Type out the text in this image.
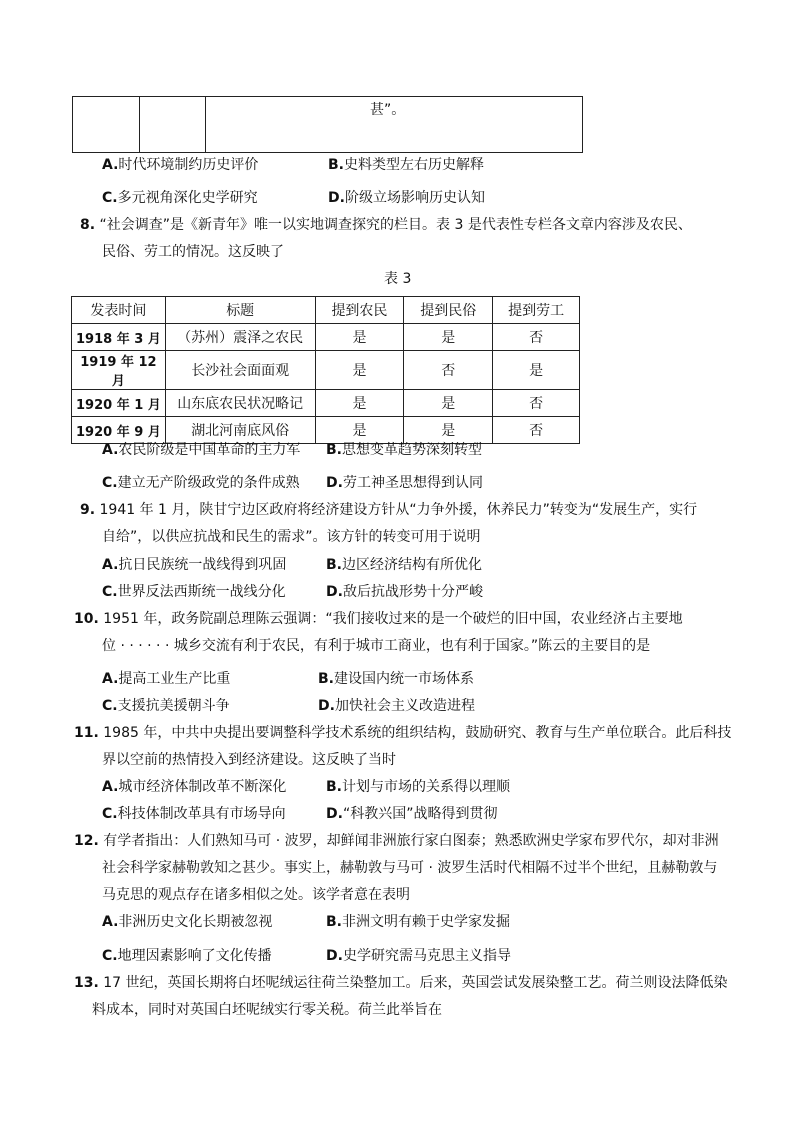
甚”。
A.时代环境制约历史评价	B.史料类型左右历史解释
C.多元视角深化史学研究	D.阶级立场影响历史认知
8. “社会调查”是《新青年》唯一以实地调查探究的栏目。表 3 是代表性专栏各文章内容涉及农民、
民俗、劳工的情况。这反映了
表 3
发表时间	标题	提到农民	提到民俗	提到劳工
1918 年 3 月	（苏州）震泽之农民	是	是	否
1919 年 12 月	长沙社会面面观	是	否	是
1920 年 1 月	山东底农民状况略记	是	是	否
1920 年 9 月	湖北河南底风俗	是	是	否
A.农民阶级是中国革命的主力军 B.思想变革趋势深刻转型
C.建立无产阶级政党的条件成熟 D.劳工神圣思想得到认同
9. 1941 年 1 月，陕甘宁边区政府将经济建设方针从“力争外援，休养民力”转变为“发展生产，实行
自给”，以供应抗战和民生的需求”。该方针的转变可用于说明
A.抗日民族统一战线得到巩固	B.边区经济结构有所优化
C.世界反法西斯统一战线分化	D.敌后抗战形势十分严峻
10. 1951 年，政务院副总理陈云强调：“我们接收过来的是一个破烂的旧中国，农业经济占主要地
位 · · · · · · 城乡交流有利于农民，有利于城市工商业，也有利于国家。”陈云的主要目的是
A.提高工业生产比重	B.建设国内统一市场体系
C.支援抗美援朝斗争	D.加快社会主义改造进程
11. 1985 年，中共中央提出要调整科学技术系统的组织结构，鼓励研究、教育与生产单位联合。此后科技
界以空前的热情投入到经济建设。这反映了当时
A.城市经济体制改革不断深化	B.计划与市场的关系得以理顺
C.科技体制改革具有市场导向	D.“科教兴国”战略得到贯彻
12. 有学者指出：人们熟知马可 · 波罗，却鲜闻非洲旅行家白图泰；熟悉欧洲史学家布罗代尔，却对非洲
社会科学家赫勒敦知之甚少。事实上，赫勒敦与马可 · 波罗生活时代相隔不过半个世纪，且赫勒敦与
马克思的观点存在诸多相似之处。该学者意在表明
A.非洲历史文化长期被忽视	B.非洲文明有赖于史学家发掘
C.地理因素影响了文化传播	D.史学研究需马克思主义指导
13. 17 世纪，英国长期将白坯呢绒运往荷兰染整加工。后来，英国尝试发展染整工艺。荷兰则设法降低染
料成本，同时对英国白坯呢绒实行零关税。荷兰此举旨在
